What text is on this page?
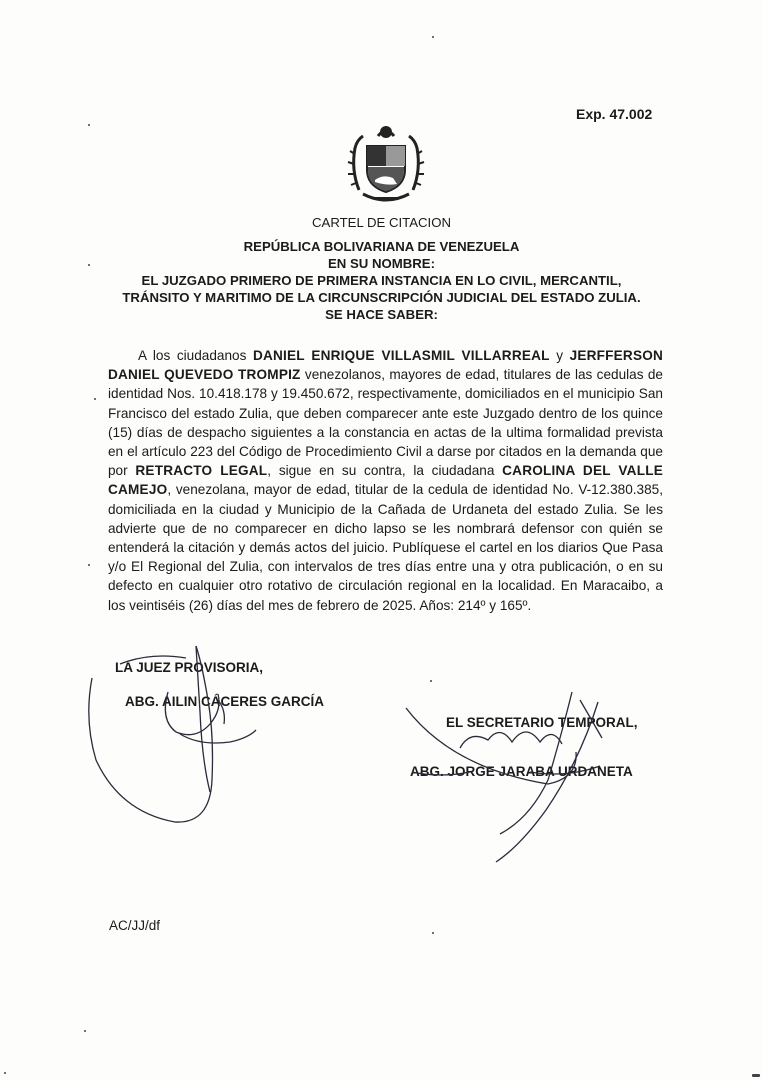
Exp. 47.002
CARTEL DE CITACION
REPÚBLICA BOLIVARIANA DE VENEZUELA
EN SU NOMBRE:
EL JUZGADO PRIMERO DE PRIMERA INSTANCIA EN LO CIVIL, MERCANTIL,
TRÁNSITO Y MARITIMO DE LA CIRCUNSCRIPCIÓN JUDICIAL DEL ESTADO ZULIA.
SE HACE SABER:
A los ciudadanos DANIEL ENRIQUE VILLASMIL VILLARREAL y JERFFERSON DANIEL QUEVEDO TROMPIZ venezolanos, mayores de edad, titulares de las cedulas de identidad Nos. 10.418.178 y 19.450.672, respectivamente, domiciliados en el municipio San Francisco del estado Zulia, que deben comparecer ante este Juzgado dentro de los quince (15) días de despacho siguientes a la constancia en actas de la ultima formalidad prevista en el artículo 223 del Código de Procedimiento Civil a darse por citados en la demanda que por RETRACTO LEGAL, sigue en su contra, la ciudadana CAROLINA DEL VALLE CAMEJO, venezolana, mayor de edad, titular de la cedula de identidad No. V-12.380.385, domiciliada en la ciudad y Municipio de la Cañada de Urdaneta del estado Zulia. Se les advierte que de no comparecer en dicho lapso se les nombrará defensor con quién se entenderá la citación y demás actos del juicio. Publíquese el cartel en los diarios Que Pasa y/o El Regional del Zulia, con intervalos de tres días entre una y otra publicación, o en su defecto en cualquier otro rotativo de circulación regional en la localidad. En Maracaibo, a los veintiséis (26) días del mes de febrero de 2025. Años: 214º y 165º.
LA JUEZ PROVISORIA,
ABG. AILIN CÁCERES GARCÍA
EL SECRETARIO TEMPORAL,
ABG. JORGE JARABA URDANETA
AC/JJ/df
